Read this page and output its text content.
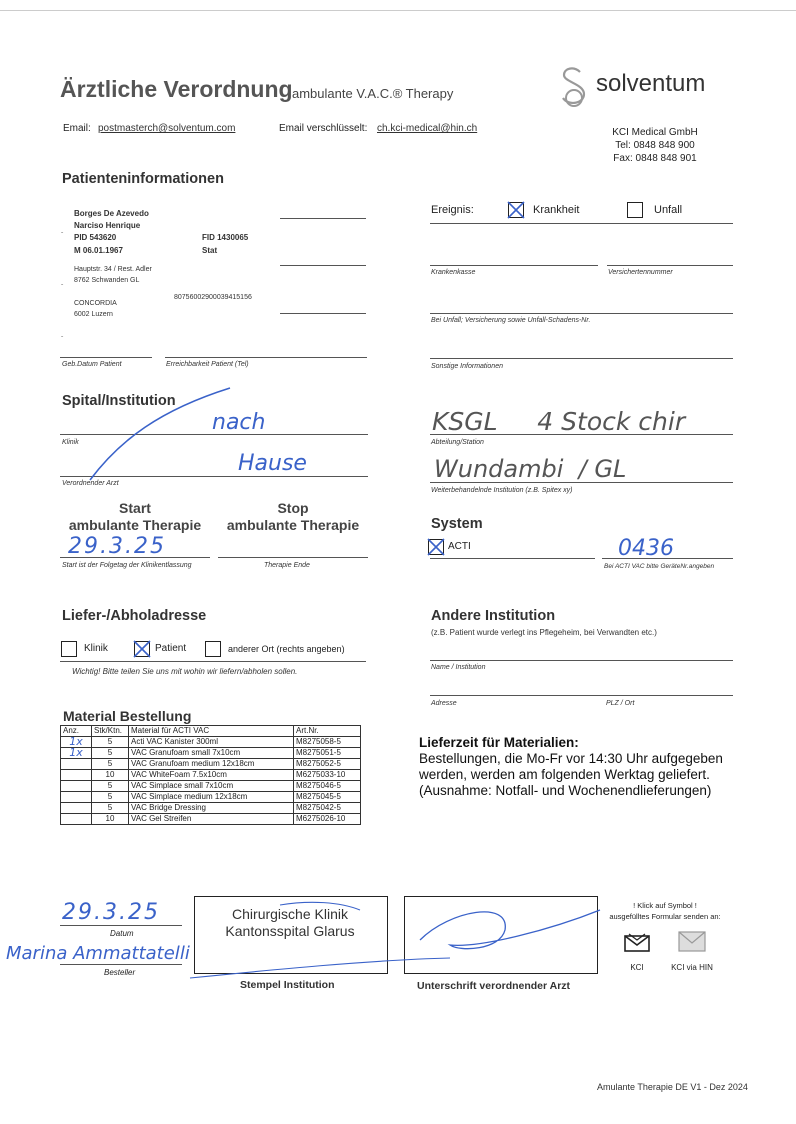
Ärztliche Verordnung ambulante V.A.C.® Therapy	solventum
Email: postmasterch@solventum.com	Email verschlüsselt: ch.kci-medical@hin.ch	KCI Medical GmbH
Tel: 0848 848 900
Fax: 0848 848 901
Patienteninformationen
Borges De Azevedo
Narciso Henrique
PID 543620	FID 1430065
M 06.01.1967	Stat
Hauptstr. 34 / Rest. Adler
8762 Schwanden GL
80756002900039415156
CONCORDIA
6002 Luzern
ˉ
ˉ
ˉ
Geb.Datum Patient	Erreichbarkeit Patient (Tel)
Ereignis:	Krankheit	Unfall
Krankenkasse	Versichertennummer
Bei Unfall; Versicherung sowie Unfall-Schadens-Nr.
Sonstige Informationen
Spital/Institution
Klinik
Verordnender Arzt
nach
Hause
KSGL     4 Stock chir
Abteilung/Station
Wundambi  / GL
Weiterbehandelnde Institution (z.B. Spitex xy)
Start
ambulante Therapie
Stop
ambulante Therapie
29.3.25
Start ist der Folgetag der Klinikentlassung	Therapie Ende
System
ACTI	0436
Bei ACTI VAC bitte GeräteNr.angeben
Liefer-/Abholadresse
Klinik	Patient	anderer Ort (rechts angeben)
Wichtig! Bitte teilen Sie uns mit wohin wir liefern/abholen sollen.
Andere Institution
(z.B. Patient wurde verlegt ins Pflegeheim, bei Verwandten etc.)
Name / Institution
Adresse	PLZ / Ort
Material Bestellung
Anz.	Stk/Ktn.	Material für ACTI VAC	Art.Nr.
1x	5	Acti VAC Kanister 300ml	M8275058-5
1x	5	VAC Granufoam small 7x10cm	M8275051-5
	5	VAC Granufoam medium 12x18cm	M8275052-5
	10	VAC WhiteFoam 7.5x10cm	M6275033-10
	5	VAC Simplace small 7x10cm	M8275046-5
	5	VAC Simplace medium 12x18cm	M8275045-5
	5	VAC Bridge Dressing	M8275042-5
	10	VAC Gel Streifen	M6275026-10
Lieferzeit für Materialien:
Bestellungen, die Mo-Fr vor 14:30 Uhr aufgegeben
werden, werden am folgenden Werktag geliefert.
(Ausnahme: Notfall- und Wochenendlieferungen)
29.3.25
Datum
Marina Ammattatelli
Besteller
Chirurgische Klinik
Kantonsspital Glarus
Stempel Institution	Unterschrift verordnender Arzt
! Klick auf Symbol !
ausgefülltes Formular senden an:
KCI	KCI via HIN
Amulante Therapie DE V1 - Dez 2024
